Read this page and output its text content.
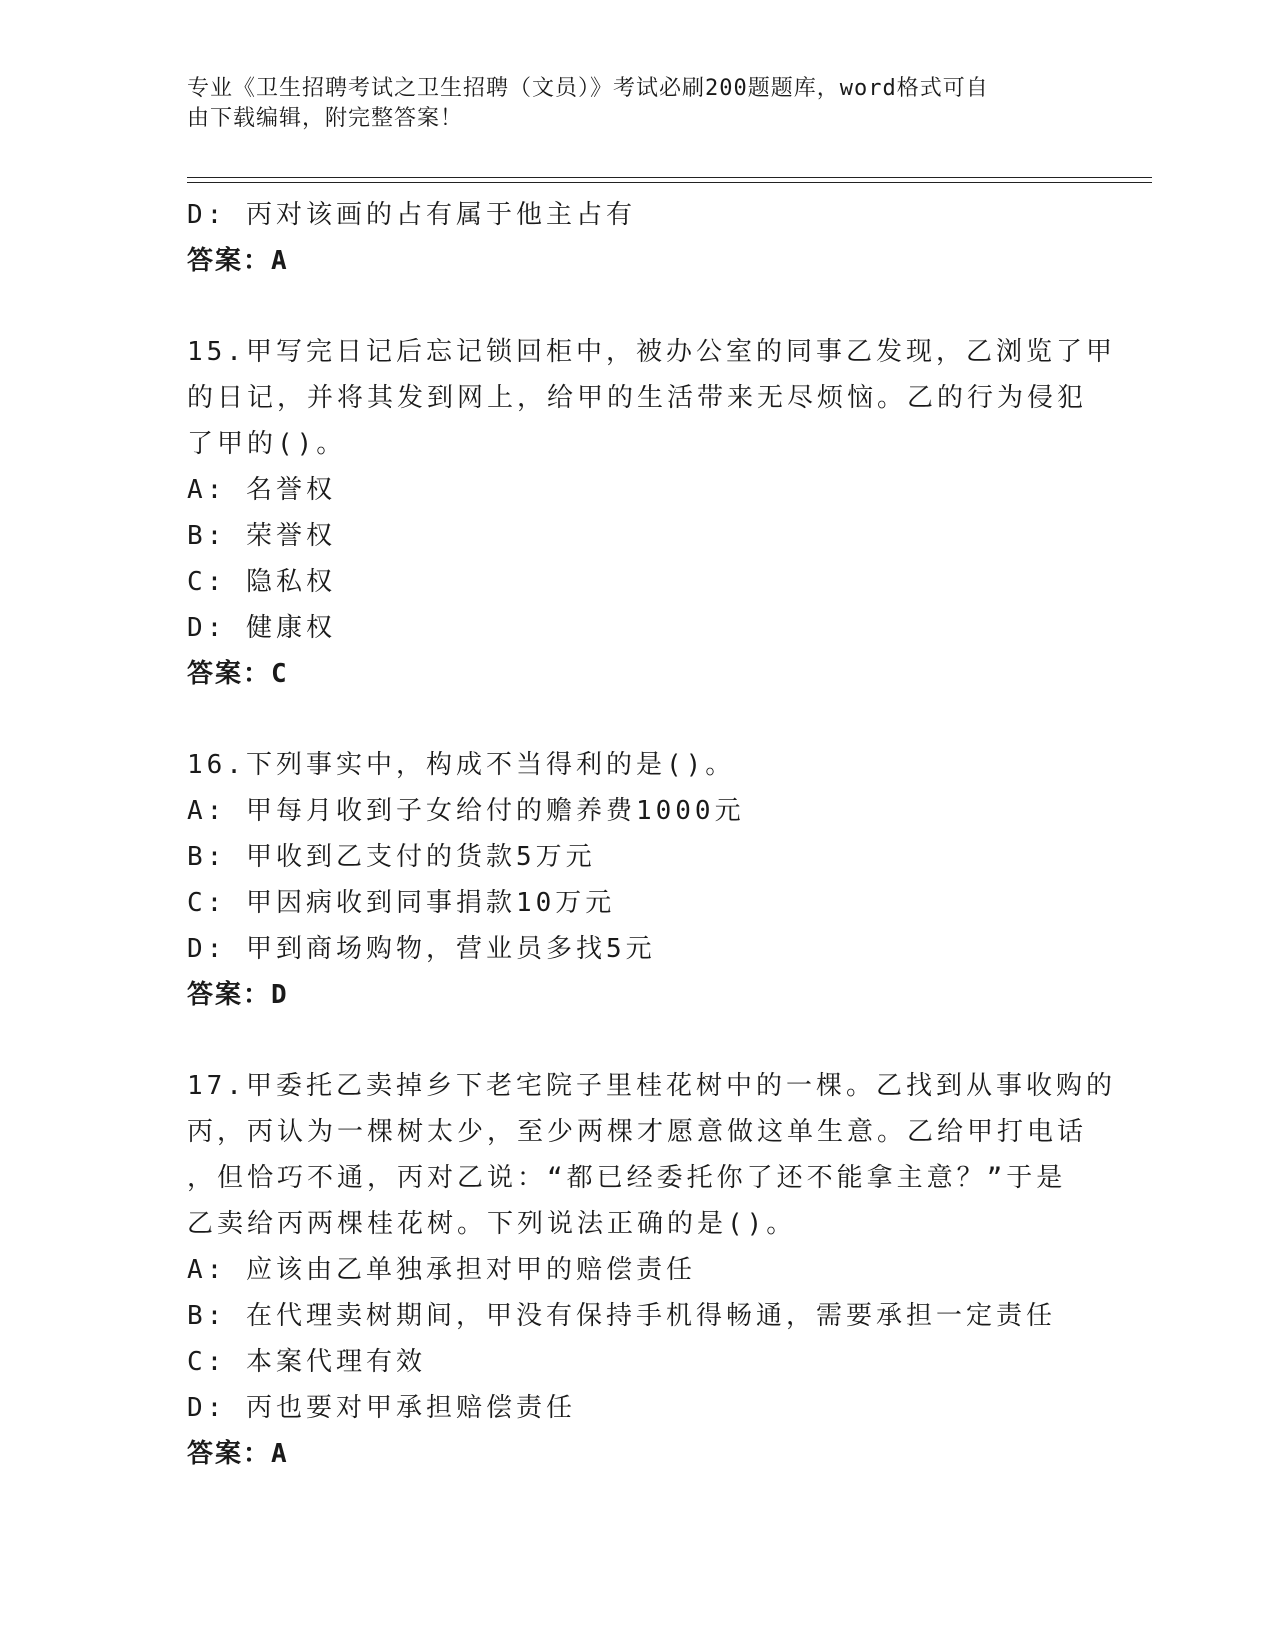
专业《卫生招聘考试之卫生招聘（文员）》考试必刷200题题库，word格式可自
由下载编辑，附完整答案！
D: 丙对该画的占有属于他主占有
答案：A
15.甲写完日记后忘记锁回柜中，被办公室的同事乙发现，乙浏览了甲
的日记，并将其发到网上，给甲的生活带来无尽烦恼。乙的行为侵犯
了甲的()。
A: 名誉权
B: 荣誉权
C: 隐私权
D: 健康权
答案：C
16.下列事实中，构成不当得利的是()。
A: 甲每月收到子女给付的赡养费1000元
B: 甲收到乙支付的货款5万元
C: 甲因病收到同事捐款10万元
D: 甲到商场购物，营业员多找5元
答案：D
17.甲委托乙卖掉乡下老宅院子里桂花树中的一棵。乙找到从事收购的
丙，丙认为一棵树太少，至少两棵才愿意做这单生意。乙给甲打电话
，但恰巧不通，丙对乙说：“都已经委托你了还不能拿主意？”于是
乙卖给丙两棵桂花树。下列说法正确的是()。
A: 应该由乙单独承担对甲的赔偿责任
B: 在代理卖树期间，甲没有保持手机得畅通，需要承担一定责任
C: 本案代理有效
D: 丙也要对甲承担赔偿责任
答案：A
